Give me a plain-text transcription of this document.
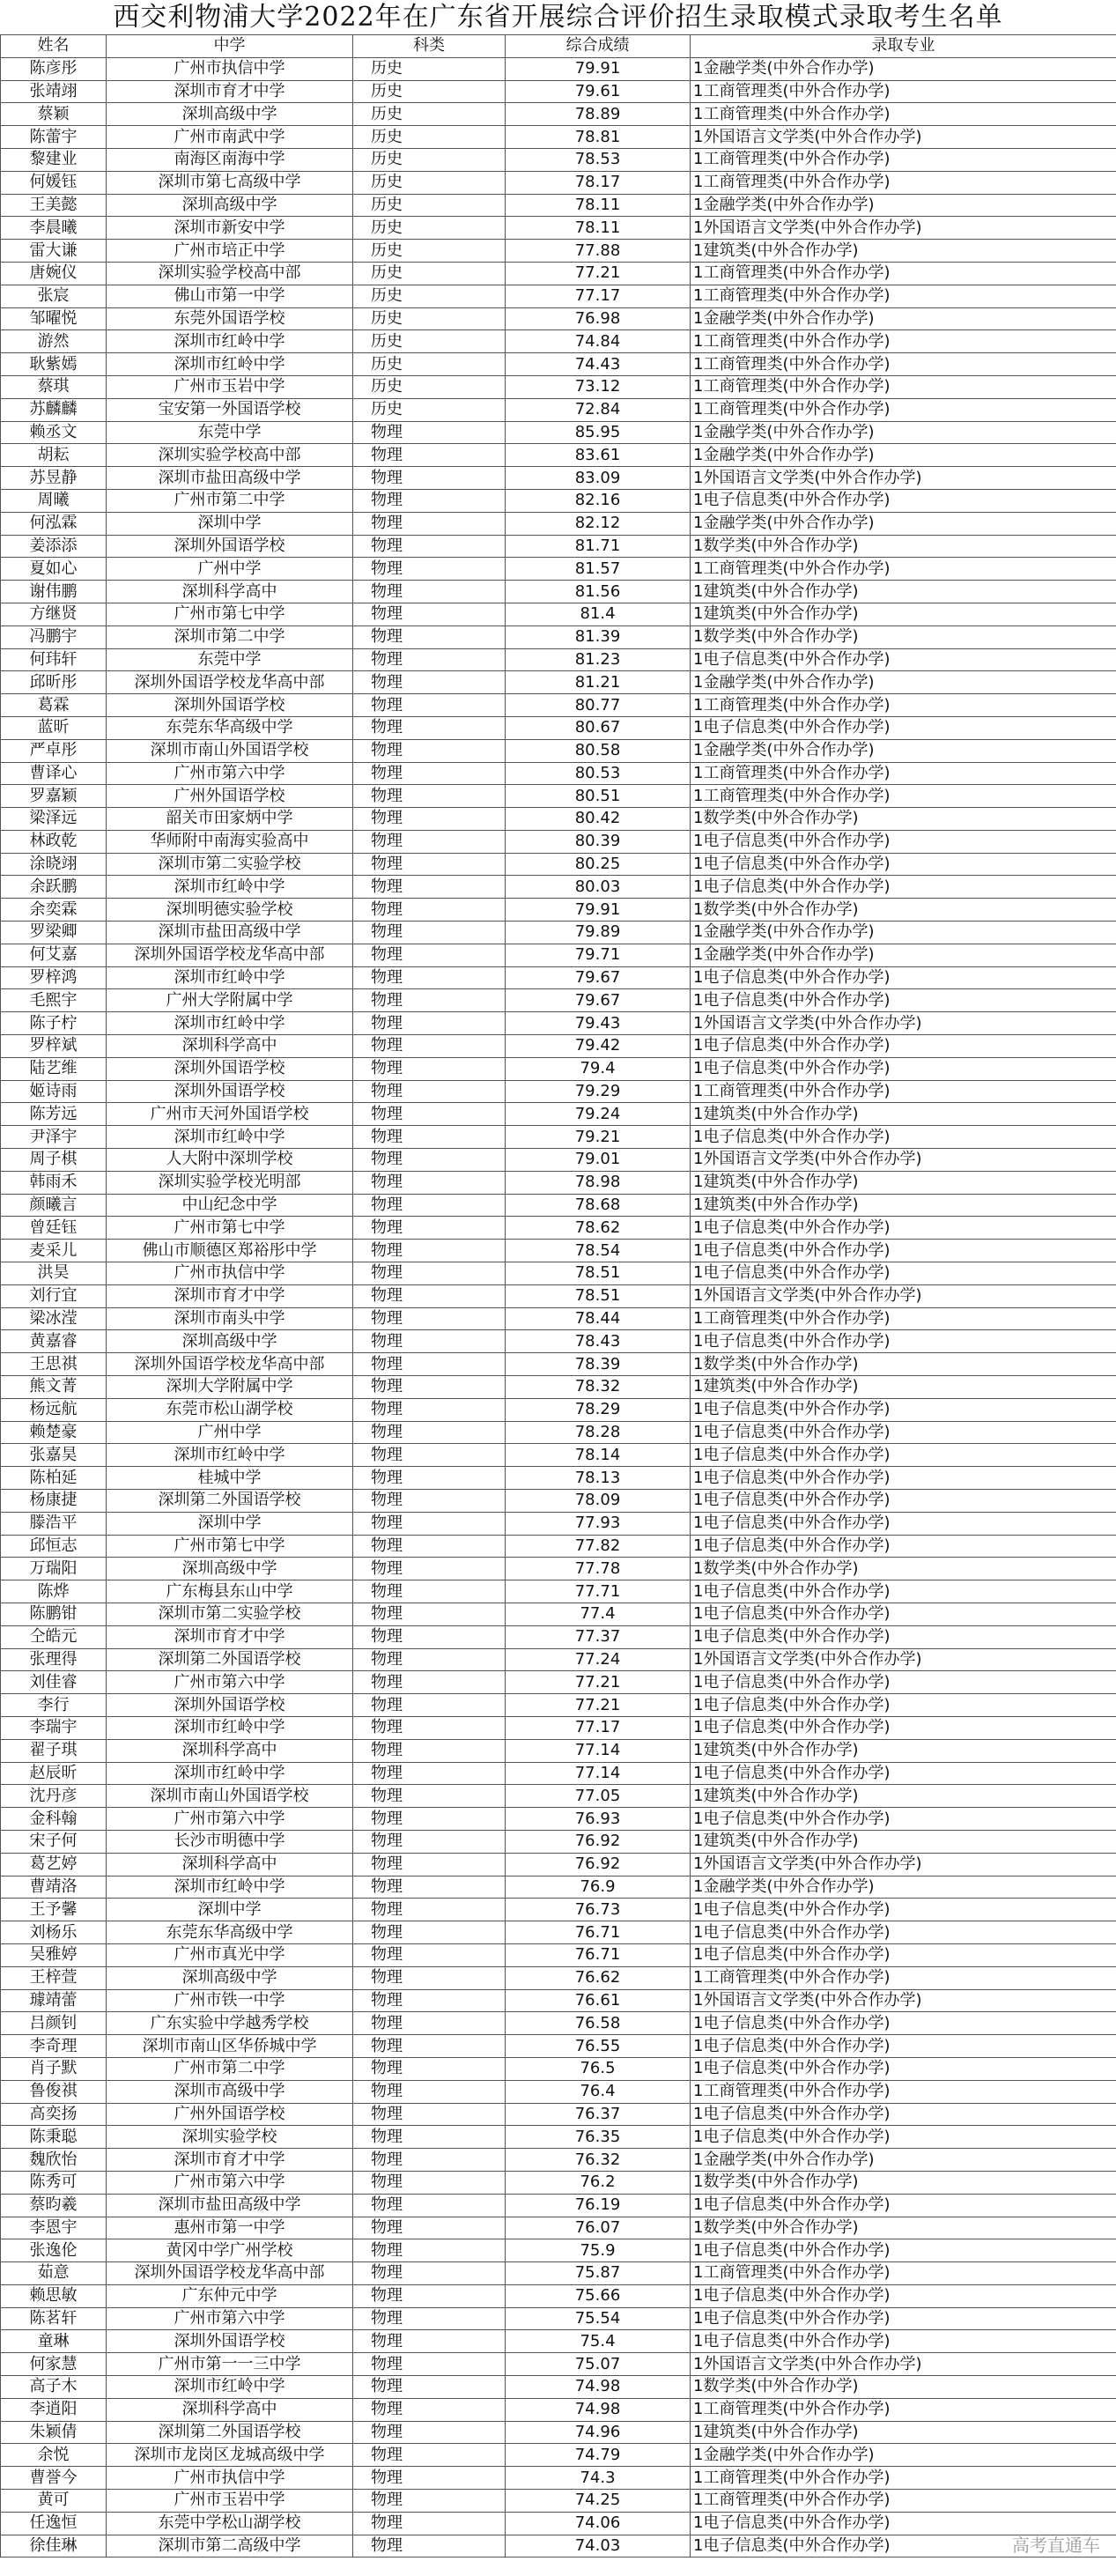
西交利物浦大学2022年在广东省开展综合评价招生录取模式录取考生名单
姓名	中学	科类	综合成绩	录取专业
陈彦彤	广州市执信中学	历史	79.91	1金融学类(中外合作办学)
张靖翊	深圳市育才中学	历史	79.61	1工商管理类(中外合作办学)
蔡颖	深圳高级中学	历史	78.89	1工商管理类(中外合作办学)
陈蕾宇	广州市南武中学	历史	78.81	1外国语言文学类(中外合作办学)
黎建业	南海区南海中学	历史	78.53	1工商管理类(中外合作办学)
何媛钰	深圳市第七高级中学	历史	78.17	1工商管理类(中外合作办学)
王美懿	深圳高级中学	历史	78.11	1金融学类(中外合作办学)
李晨曦	深圳市新安中学	历史	78.11	1外国语言文学类(中外合作办学)
雷大谦	广州市培正中学	历史	77.88	1建筑类(中外合作办学)
唐婉仪	深圳实验学校高中部	历史	77.21	1工商管理类(中外合作办学)
张宸	佛山市第一中学	历史	77.17	1工商管理类(中外合作办学)
邹曜悦	东莞外国语学校	历史	76.98	1金融学类(中外合作办学)
游然	深圳市红岭中学	历史	74.84	1工商管理类(中外合作办学)
耿紫嫣	深圳市红岭中学	历史	74.43	1工商管理类(中外合作办学)
蔡琪	广州市玉岩中学	历史	73.12	1工商管理类(中外合作办学)
苏麟麟	宝安第一外国语学校	历史	72.84	1工商管理类(中外合作办学)
赖丞文	东莞中学	物理	85.95	1金融学类(中外合作办学)
胡耘	深圳实验学校高中部	物理	83.61	1金融学类(中外合作办学)
苏昱静	深圳市盐田高级中学	物理	83.09	1外国语言文学类(中外合作办学)
周曦	广州市第二中学	物理	82.16	1电子信息类(中外合作办学)
何泓霖	深圳中学	物理	82.12	1金融学类(中外合作办学)
姜添添	深圳外国语学校	物理	81.71	1数学类(中外合作办学)
夏如心	广州中学	物理	81.57	1工商管理类(中外合作办学)
谢伟鹏	深圳科学高中	物理	81.56	1建筑类(中外合作办学)
方继贤	广州市第七中学	物理	81.4	1建筑类(中外合作办学)
冯鹏宇	深圳市第二中学	物理	81.39	1数学类(中外合作办学)
何玮轩	东莞中学	物理	81.23	1电子信息类(中外合作办学)
邱昕彤	深圳外国语学校龙华高中部	物理	81.21	1金融学类(中外合作办学)
葛霖	深圳外国语学校	物理	80.77	1工商管理类(中外合作办学)
蓝昕	东莞东华高级中学	物理	80.67	1电子信息类(中外合作办学)
严卓彤	深圳市南山外国语学校	物理	80.58	1金融学类(中外合作办学)
曹译心	广州市第六中学	物理	80.53	1工商管理类(中外合作办学)
罗嘉颖	广州外国语学校	物理	80.51	1工商管理类(中外合作办学)
梁泽远	韶关市田家炳中学	物理	80.42	1数学类(中外合作办学)
林政乾	华师附中南海实验高中	物理	80.39	1电子信息类(中外合作办学)
涂晓翊	深圳市第二实验学校	物理	80.25	1电子信息类(中外合作办学)
余跃鹏	深圳市红岭中学	物理	80.03	1电子信息类(中外合作办学)
余奕霖	深圳明德实验学校	物理	79.91	1数学类(中外合作办学)
罗梁卿	深圳市盐田高级中学	物理	79.89	1金融学类(中外合作办学)
何艾嘉	深圳外国语学校龙华高中部	物理	79.71	1金融学类(中外合作办学)
罗梓鸿	深圳市红岭中学	物理	79.67	1电子信息类(中外合作办学)
毛熙宇	广州大学附属中学	物理	79.67	1电子信息类(中外合作办学)
陈子柠	深圳市红岭中学	物理	79.43	1外国语言文学类(中外合作办学)
罗梓斌	深圳科学高中	物理	79.42	1电子信息类(中外合作办学)
陆艺维	深圳外国语学校	物理	79.4	1电子信息类(中外合作办学)
姬诗雨	深圳外国语学校	物理	79.29	1工商管理类(中外合作办学)
陈芳远	广州市天河外国语学校	物理	79.24	1建筑类(中外合作办学)
尹泽宇	深圳市红岭中学	物理	79.21	1电子信息类(中外合作办学)
周子棋	人大附中深圳学校	物理	79.01	1外国语言文学类(中外合作办学)
韩雨禾	深圳实验学校光明部	物理	78.98	1建筑类(中外合作办学)
颜曦言	中山纪念中学	物理	78.68	1建筑类(中外合作办学)
曾廷钰	广州市第七中学	物理	78.62	1电子信息类(中外合作办学)
麦采儿	佛山市顺德区郑裕彤中学	物理	78.54	1电子信息类(中外合作办学)
洪昊	广州市执信中学	物理	78.51	1电子信息类(中外合作办学)
刘行宜	深圳市育才中学	物理	78.51	1外国语言文学类(中外合作办学)
梁冰滢	深圳市南头中学	物理	78.44	1工商管理类(中外合作办学)
黄嘉睿	深圳高级中学	物理	78.43	1电子信息类(中外合作办学)
王思祺	深圳外国语学校龙华高中部	物理	78.39	1数学类(中外合作办学)
熊文菁	深圳大学附属中学	物理	78.32	1建筑类(中外合作办学)
杨远航	东莞市松山湖学校	物理	78.29	1电子信息类(中外合作办学)
赖楚豪	广州中学	物理	78.28	1电子信息类(中外合作办学)
张嘉昊	深圳市红岭中学	物理	78.14	1电子信息类(中外合作办学)
陈柏延	桂城中学	物理	78.13	1电子信息类(中外合作办学)
杨康捷	深圳第二外国语学校	物理	78.09	1电子信息类(中外合作办学)
滕浩平	深圳中学	物理	77.93	1电子信息类(中外合作办学)
邱恒志	广州市第七中学	物理	77.82	1电子信息类(中外合作办学)
万瑞阳	深圳高级中学	物理	77.78	1数学类(中外合作办学)
陈烨	广东梅县东山中学	物理	77.71	1电子信息类(中外合作办学)
陈鹏钳	深圳市第二实验学校	物理	77.4	1电子信息类(中外合作办学)
仝皓元	深圳市育才中学	物理	77.37	1电子信息类(中外合作办学)
张理得	深圳第二外国语学校	物理	77.24	1外国语言文学类(中外合作办学)
刘佳睿	广州市第六中学	物理	77.21	1电子信息类(中外合作办学)
李行	深圳外国语学校	物理	77.21	1电子信息类(中外合作办学)
李瑞宇	深圳市红岭中学	物理	77.17	1电子信息类(中外合作办学)
翟子琪	深圳科学高中	物理	77.14	1建筑类(中外合作办学)
赵辰昕	深圳市红岭中学	物理	77.14	1电子信息类(中外合作办学)
沈丹彦	深圳市南山外国语学校	物理	77.05	1建筑类(中外合作办学)
金科翰	广州市第六中学	物理	76.93	1电子信息类(中外合作办学)
宋子何	长沙市明德中学	物理	76.92	1建筑类(中外合作办学)
葛艺婷	深圳科学高中	物理	76.92	1外国语言文学类(中外合作办学)
曹靖洛	深圳市红岭中学	物理	76.9	1金融学类(中外合作办学)
王予馨	深圳中学	物理	76.73	1电子信息类(中外合作办学)
刘杨乐	东莞东华高级中学	物理	76.71	1电子信息类(中外合作办学)
吴雅婷	广州市真光中学	物理	76.71	1电子信息类(中外合作办学)
王梓萱	深圳高级中学	物理	76.62	1工商管理类(中外合作办学)
璩靖蕾	广州市铁一中学	物理	76.61	1外国语言文学类(中外合作办学)
吕颜钊	广东实验中学越秀学校	物理	76.58	1电子信息类(中外合作办学)
李奇理	深圳市南山区华侨城中学	物理	76.55	1电子信息类(中外合作办学)
肖子默	广州市第二中学	物理	76.5	1电子信息类(中外合作办学)
鲁俊祺	深圳市高级中学	物理	76.4	1工商管理类(中外合作办学)
高奕扬	广州外国语学校	物理	76.37	1电子信息类(中外合作办学)
陈秉聪	深圳实验学校	物理	76.35	1电子信息类(中外合作办学)
魏欣怡	深圳市育才中学	物理	76.32	1金融学类(中外合作办学)
陈秀可	广州市第六中学	物理	76.2	1数学类(中外合作办学)
蔡昀羲	深圳市盐田高级中学	物理	76.19	1电子信息类(中外合作办学)
李恩宇	惠州市第一中学	物理	76.07	1数学类(中外合作办学)
张逸伦	黄冈中学广州学校	物理	75.9	1电子信息类(中外合作办学)
茹意	深圳外国语学校龙华高中部	物理	75.87	1工商管理类(中外合作办学)
赖思敏	广东仲元中学	物理	75.66	1电子信息类(中外合作办学)
陈茗轩	广州市第六中学	物理	75.54	1电子信息类(中外合作办学)
童琳	深圳外国语学校	物理	75.4	1电子信息类(中外合作办学)
何家慧	广州市第一一三中学	物理	75.07	1外国语言文学类(中外合作办学)
高子木	深圳市红岭中学	物理	74.98	1数学类(中外合作办学)
李逍阳	深圳科学高中	物理	74.98	1工商管理类(中外合作办学)
朱颖倩	深圳第二外国语学校	物理	74.96	1建筑类(中外合作办学)
余悦	深圳市龙岗区龙城高级中学	物理	74.79	1金融学类(中外合作办学)
曹誉今	广州市执信中学	物理	74.3	1工商管理类(中外合作办学)
黄可	广州市玉岩中学	物理	74.25	1工商管理类(中外合作办学)
任逸恒	东莞中学松山湖学校	物理	74.06	1电子信息类(中外合作办学)
徐佳琳	深圳市第二高级中学	物理	74.03	1电子信息类(中外合作办学)	高考直通车
